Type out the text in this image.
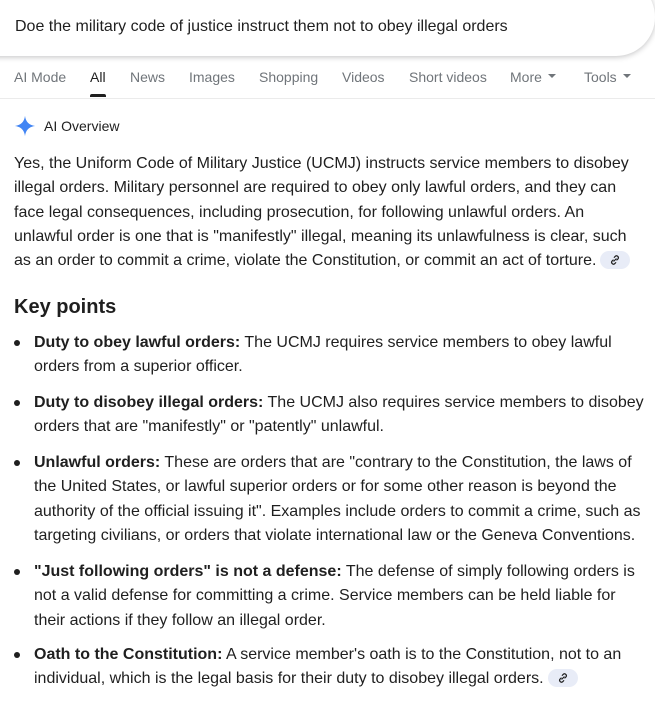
Doe the military code of justice instruct them not to obey illegal orders
AI Mode All News Images Shopping Videos Short videos More	Tools
AI Overview

Yes, the Uniform Code of Military Justice (UCMJ) instructs service members to disobey illegal orders. Military personnel are required to obey only lawful orders, and they can face legal consequences, including prosecution, for following unlawful orders. An unlawful order is one that is "manifestly" illegal, meaning its unlawfulness is clear, such as an order to commit a crime, violate the Constitution, or commit an act of torture.

Key points
Duty to obey lawful orders: The UCMJ requires service members to obey lawful orders from a superior officer.
Duty to disobey illegal orders: The UCMJ also requires service members to disobey orders that are "manifestly" or "patently" unlawful.
Unlawful orders: These are orders that are "contrary to the Constitution, the laws of the United States, or lawful superior orders or for some other reason is beyond the authority of the official issuing it". Examples include orders to commit a crime, such as targeting civilians, or orders that violate international law or the Geneva Conventions.
"Just following orders" is not a defense: The defense of simply following orders is not a valid defense for committing a crime. Service members can be held liable for their actions if they follow an illegal order.
Oath to the Constitution: A service member's oath is to the Constitution, not to an individual, which is the legal basis for their duty to disobey illegal orders.
